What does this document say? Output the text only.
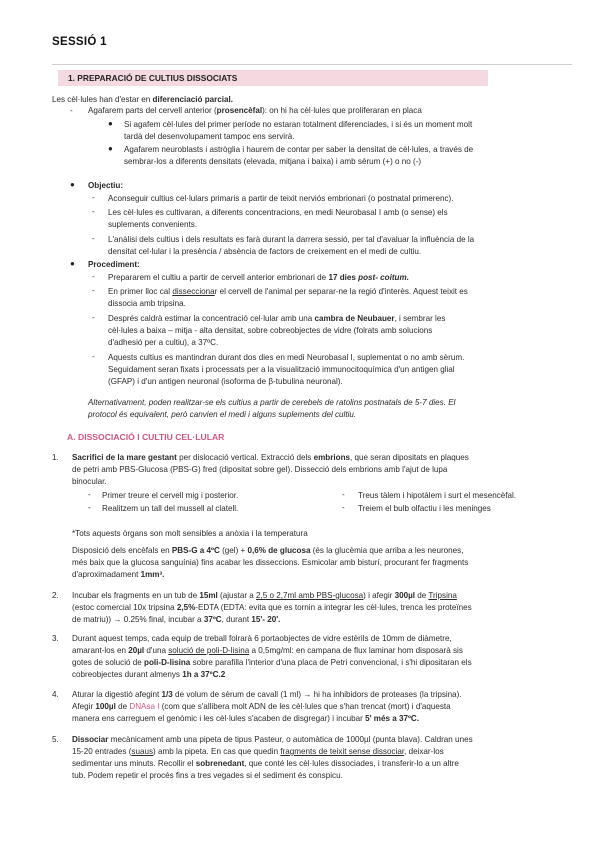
SESSIÓ 1
1. PREPARACIÓ DE CULTIUS DISSOCIATS
Les cèl·lules han d'estar en diferenciació parcial.
- Agafarem parts del cervell anterior (prosencèfal): on hi ha cèl·lules que proliferaran en placa
● Si agafem cèl·lules del primer període no estaran totalment diferenciades, i si és un moment molt
tardà del desenvolupament tampoc ens servirà.
● Agafarem neuroblasts i astròglia i haurem de contar per saber la densitat de cèl·lules, a través de
sembrar-los a diferents densitats (elevada, mitjana i baixa) i amb sèrum (+) o no (-)
● Objectiu:
- Aconseguir cultius cel·lulars primaris a partir de teixit nerviós embrionari (o postnatal primerenc).
- Les cèl·lules es cultivaran, a diferents concentracions, en medi Neurobasal I amb (o sense) els
suplements convenients.
- L'anàlisi dels cultius i dels resultats es farà durant la darrera sessió, per tal d'avaluar la influència de la
densitat cel·lular i la presència / absència de factors de creixement en el medi de cultiu.
● Procediment:
- Prepararem el cultiu a partir de cervell anterior embrionari de 17 dies post- coitum.
- En primer lloc cal disseccionar el cervell de l'animal per separar-ne la regió d'interès. Aquest teixit es
dissocia amb tripsina.
- Després caldrà estimar la concentració cel·lular amb una cambra de Neubauer, i sembrar les
cèl·lules a baixa – mitja - alta densitat, sobre cobreobjectes de vidre (folrats amb solucions
d'adhesió per a cultiu), a 37ºC.
- Aquests cultius es mantindran durant dos dies en medi Neurobasal I, suplementat o no amb sèrum.
Seguidament seran fixats i processats per a la visualització immunocitoquímica d'un antigen glial
(GFAP) i d'un antigen neuronal (isoforma de β-tubulina neuronal).
Alternativament, poden realitzar-se els cultius a partir de cerebels de ratolins postnatals de 5-7 dies. El
protocol és equivalent, però canvien el medi i alguns suplements del cultiu.
A. DISSOCIACIÓ I CULTIU CEL·LULAR
1. Sacrifici de la mare gestant per dislocació vertical. Extracció dels embrions, que seran dipositats en plaques
de petri amb PBS-Glucosa (PBS-G) fred (dipositat sobre gel). Dissecció dels embrions amb l'ajut de lupa
binocular.
- Primer treure el cervell mig i posterior.
- Realitzem un tall del mussell al clatell.
- Treus tàlem i hipotàlem i surt el mesencèfal.
- Treiem el bulb olfactiu i les meninges
*Tots aquests òrgans son molt sensibles a anòxia i la temperatura
Disposició dels encèfals en PBS-G a 4ºC (gel) + 0,6% de glucosa (és la glucèmia que arriba a les neurones,
més baix que la glucosa sanguínia) fins acabar les disseccions. Esmicolar amb bisturí, procurant fer fragments
d'aproximadament 1mm³.
2. Incubar els fragments en un tub de 15ml (ajustar a 2,5 o 2,7ml amb PBS-glucosa) i afegir 300µl de Tripsina
(estoc comercial 10x tripsina 2,5%-EDTA (EDTA: evita que es tornin a integrar les cèl·lules, trenca les proteïnes
de matriu)) → 0.25% final, incubar a 37ºC, durant 15'- 20'.
3. Durant aquest temps, cada equip de treball folrarà 6 portaobjectes de vidre estèrils de 10mm de diàmetre,
amarant-los en 20µl d'una solució de poli-D-lisina a 0,5mg/ml: en campana de flux laminar hom disposarà sis
gotes de solució de poli-D-lisina sobre parafilla l'interior d'una placa de Petri convencional, i s'hi dipositaran els
cobreobjectes durant almenys 1h a 37ºC.2
4. Aturar la digestió afegint 1/3 de volum de sèrum de cavall (1 ml) → hi ha inhibidors de proteases (la tripsina).
Afegir 100µl de DNAsa I (com que s'allibera molt ADN de les cèl·lules que s'han trencat (mort) i d'aquesta
manera ens carreguem el genòmic i les cèl·lules s'acaben de disgregar) i incubar 5' més a 37ºC.
5. Dissociar mecànicament amb una pipeta de tipus Pasteur, o automàtica de 1000µl (punta blava). Caldran unes
15-20 entrades (suaus) amb la pipeta. En cas que quedin fragments de teixit sense dissociar, deixar-los
sedimentar uns minuts. Recollir el sobrenedant, que conté les cèl·lules dissociades, i transferir-lo a un altre
tub. Podem repetir el procés fins a tres vegades si el sediment és conspicu.
